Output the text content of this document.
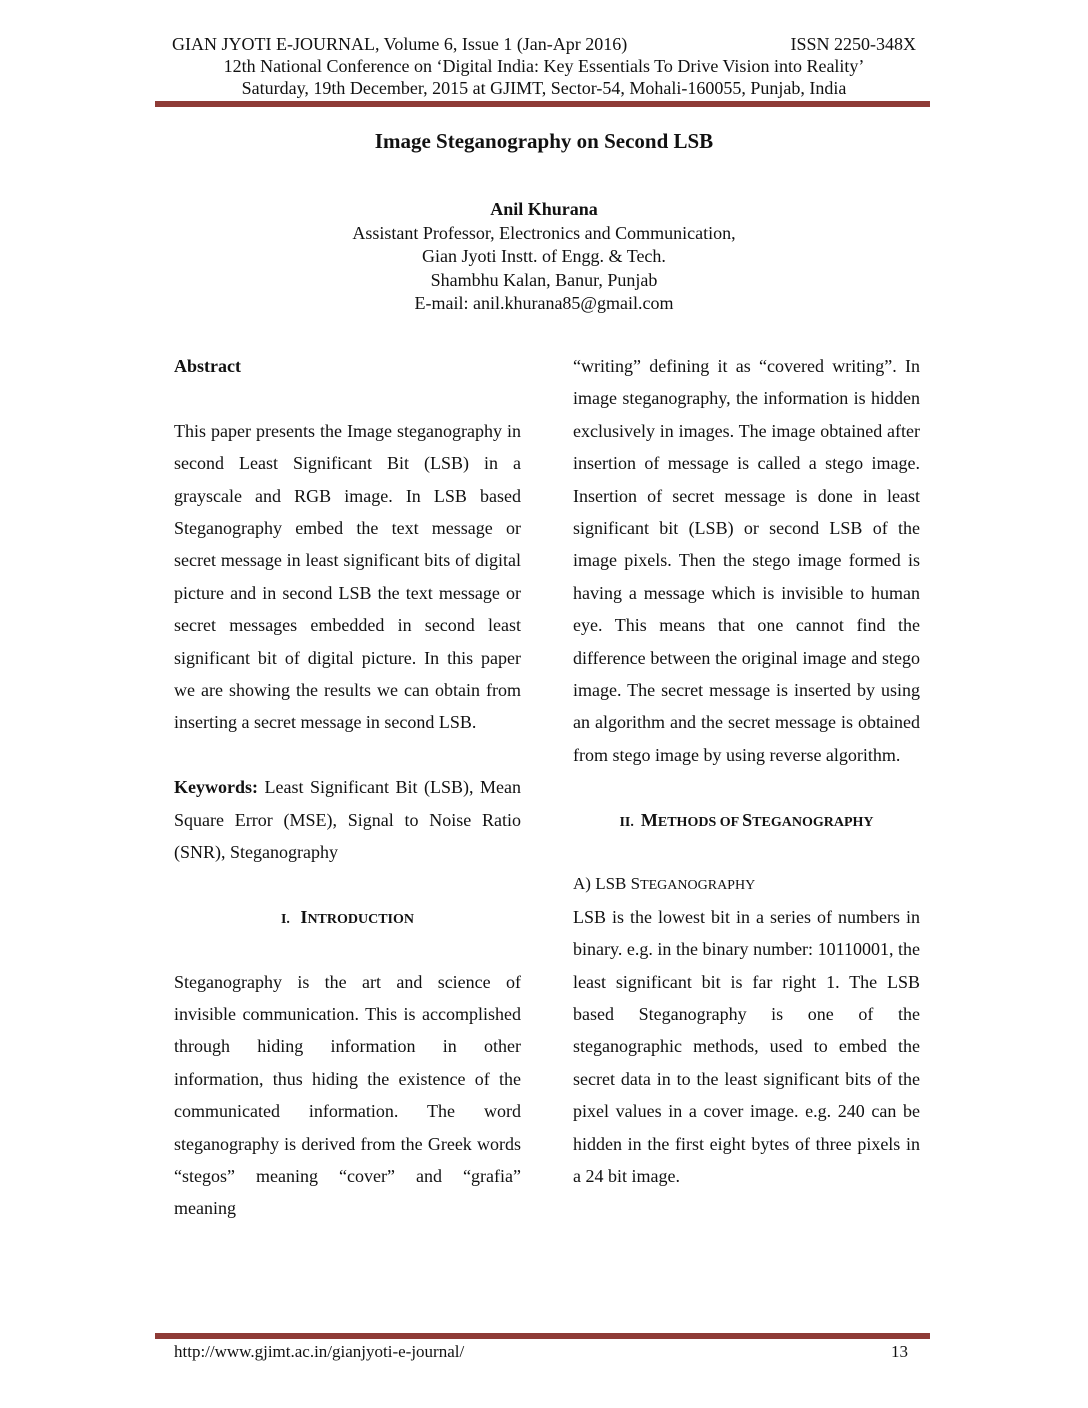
GIAN JYOTI E-JOURNAL, Volume 6, Issue 1 (Jan-Apr 2016)	ISSN 2250-348X
12th National Conference on ‘Digital India: Key Essentials To Drive Vision into Reality’
Saturday, 19th December, 2015 at GJIMT, Sector-54, Mohali-160055, Punjab, India
Image Steganography on Second LSB
Anil Khurana
Assistant Professor, Electronics and Communication,
Gian Jyoti Instt. of Engg. & Tech.
Shambhu Kalan, Banur, Punjab
E-mail: anil.khurana85@gmail.com

Abstract

This paper presents the Image steganography in second Least Significant Bit (LSB) in a grayscale and RGB image. In LSB based Steganography embed the text message or secret message in least significant bits of digital picture and in second LSB the text message or secret messages embedded in second least significant bit of digital picture. In this paper we are showing the results we can obtain from inserting a secret message in second LSB.

Keywords: Least Significant Bit (LSB), Mean Square Error (MSE), Signal to Noise Ratio (SNR), Steganography

I. INTRODUCTION

Steganography is the art and science of invisible communication. This is accomplished through hiding information in other information, thus hiding the existence of the communicated information. The word steganography is derived from the Greek words “stegos” meaning “cover” and “grafia” meaning

“writing” defining it as “covered writing”. In image steganography, the information is hidden exclusively in images. The image obtained after insertion of message is called a stego image. Insertion of secret message is done in least significant bit (LSB) or second LSB of the image pixels. Then the stego image formed is having a message which is invisible to human eye. This means that one cannot find the difference between the original image and stego image. The secret message is inserted by using an algorithm and the secret message is obtained from stego image by using reverse algorithm.

II. METHODS OF STEGANOGRAPHY

A) LSB STEGANOGRAPHY

LSB is the lowest bit in a series of numbers in binary. e.g. in the binary number: 10110001, the least significant bit is far right 1. The LSB based Steganography is one of the steganographic methods, used to embed the secret data in to the least significant bits of the pixel values in a cover image. e.g. 240 can be hidden in the first eight bytes of three pixels in a 24 bit image.

http://www.gjimt.ac.in/gianjyoti-e-journal/	13
